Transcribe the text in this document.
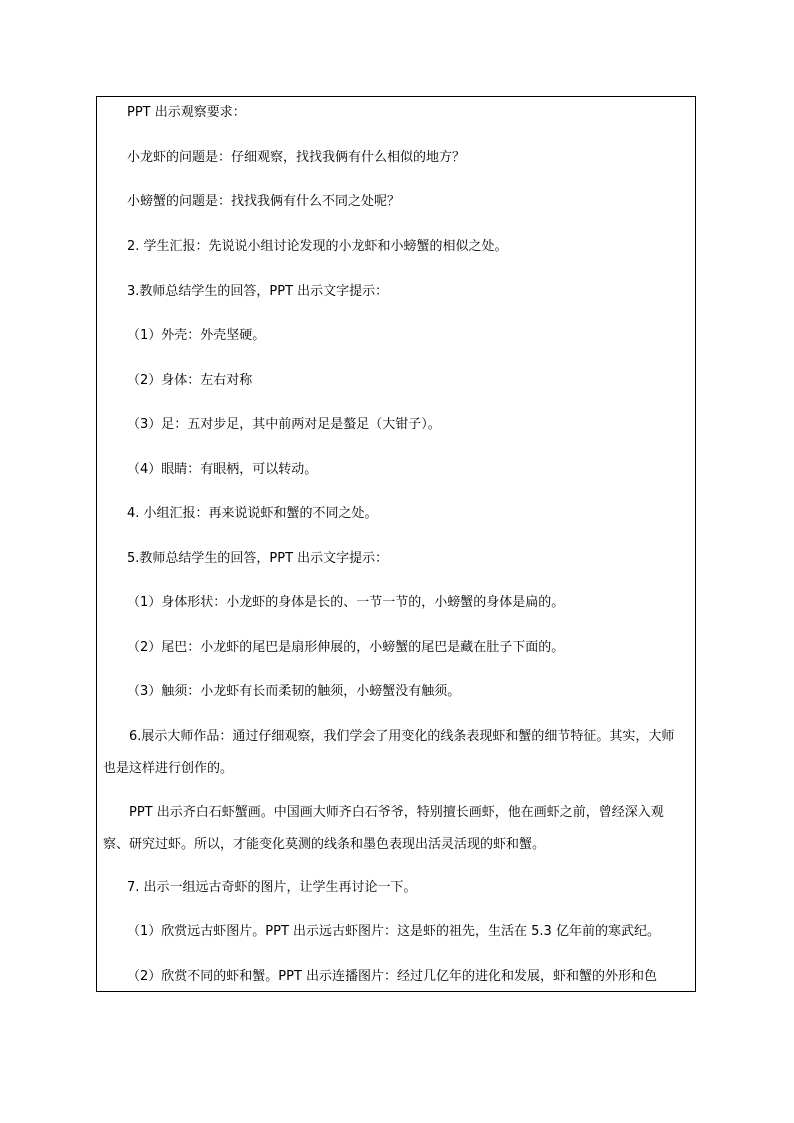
PPT 出示观察要求：

小龙虾的问题是：仔细观察，找找我俩有什么相似的地方？

小螃蟹的问题是：找找我俩有什么不同之处呢？

2. 学生汇报：先说说小组讨论发现的小龙虾和小螃蟹的相似之处。

3.教师总结学生的回答，PPT 出示文字提示：

（1）外壳：外壳坚硬。

（2）身体：左右对称

（3）足：五对步足，其中前两对足是螯足（大钳子）。

（4）眼睛：有眼柄，可以转动。

4. 小组汇报：再来说说虾和蟹的不同之处。

5.教师总结学生的回答，PPT 出示文字提示：

（1）身体形状：小龙虾的身体是长的、一节一节的，小螃蟹的身体是扁的。

（2）尾巴：小龙虾的尾巴是扇形伸展的，小螃蟹的尾巴是藏在肚子下面的。

（3）触须：小龙虾有长而柔韧的触须，小螃蟹没有触须。

6.展示大师作品：通过仔细观察，我们学会了用变化的线条表现虾和蟹的细节特征。其实，大师也是这样进行创作的。

PPT 出示齐白石虾蟹画。中国画大师齐白石爷爷，特别擅长画虾，他在画虾之前，曾经深入观察、研究过虾。所以，才能变化莫测的线条和墨色表现出活灵活现的虾和蟹。

7. 出示一组远古奇虾的图片，让学生再讨论一下。

（1）欣赏远古虾图片。PPT 出示远古虾图片：这是虾的祖先，生活在 5.3 亿年前的寒武纪。

（2）欣赏不同的虾和蟹。PPT 出示连播图片：经过几亿年的进化和发展，虾和蟹的外形和色
